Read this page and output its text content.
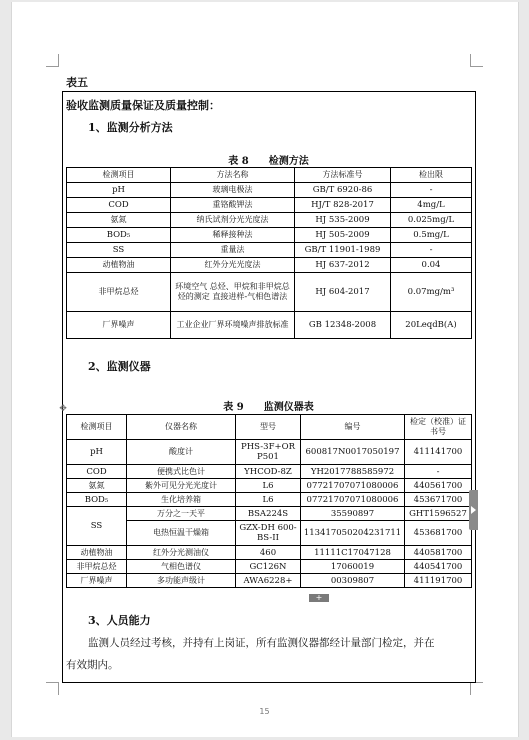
表五
验收监测质量保证及质量控制：
1、监测分析方法
表 8　　检测方法
检测项目	方法名称	方法标准号	检出限
pH	玻璃电极法	GB/T 6920-86	-
COD	重铬酸钾法	HJ/T 828-2017	4mg/L
氨氮	纳氏试剂分光光度法	HJ 535-2009	0.025mg/L
BOD₅	稀释接种法	HJ 505-2009	0.5mg/L
SS	重量法	GB/T 11901-1989	-
动植物油	红外分光光度法	HJ 637-2012	0.04
非甲烷总烃	环境空气 总烃、甲烷和非甲烷总烃的测定 直接进样-气相色谱法	HJ 604-2017	0.07mg/m³
厂界噪声	工业企业厂界环境噪声排放标准	GB 12348-2008	20LeqdB(A)
2、监测仪器
表 9　　监测仪器表
✥
检测项目	仪器名称	型号	编号	检定（校准）证书号
pH	酸度计	PHS-3F+OR P501	600817N0017050197	411141700
COD	便携式比色计	YHCOD-8Z	YH2017788585972	-
氨氮	紫外可见分光光度计	L6	07721707071080006	440561700
BOD₅	生化培养箱	L6	07721707071080006	453671700
SS	万分之一天平	BSA224S	35590897	GHT1596527
	电热恒温干燥箱	GZX-DH 600-BS-II	113417050204231711	453681700
动植物油	红外分光测油仪	460	11111C17047128	440581700
非甲烷总烃	气相色谱仪	GC126N	17060019	440541700
厂界噪声	多功能声级计	AWA6228+	00309807	411191700
+
3、人员能力
监测人员经过考核，并持有上岗证，所有监测仪器都经计量部门检定，并在
有效期内。
15
